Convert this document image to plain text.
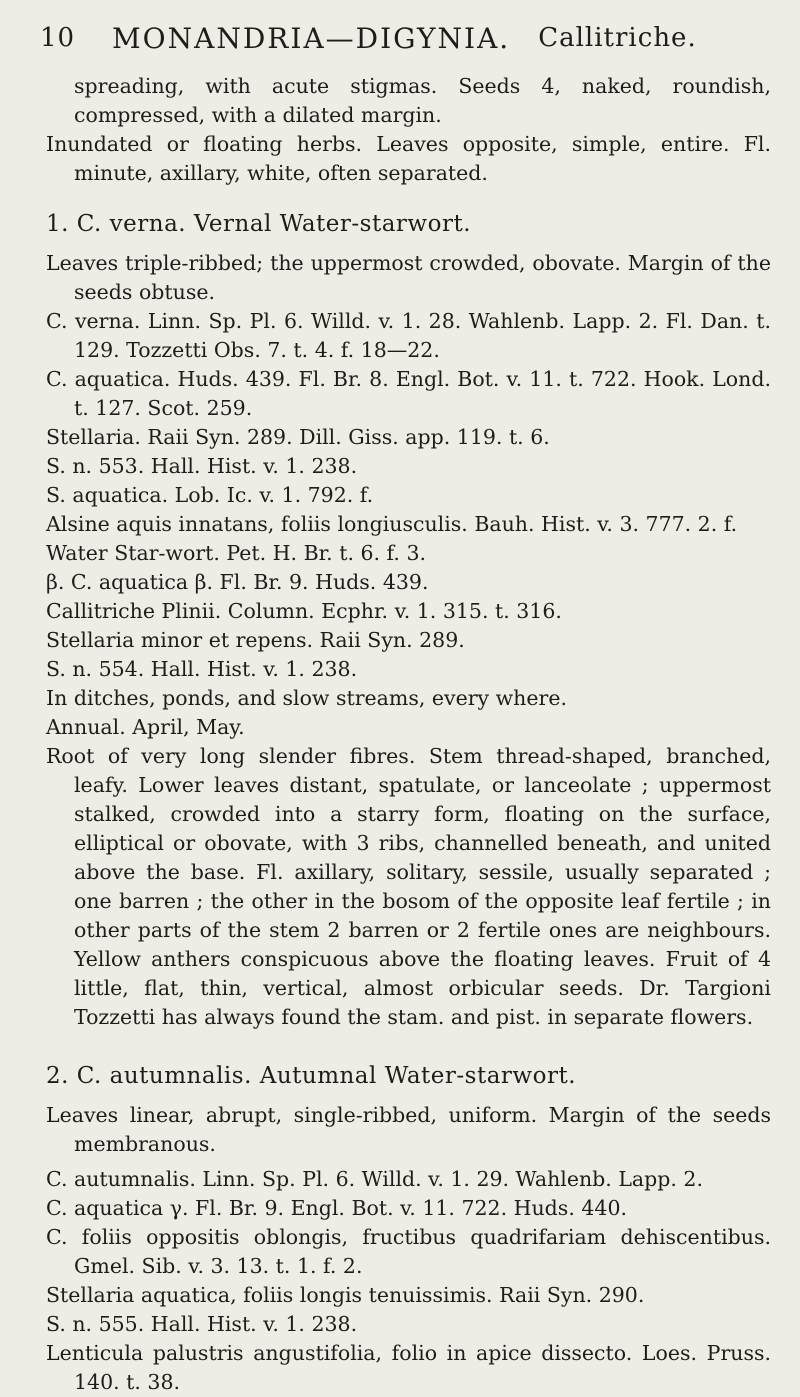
10	MONANDRIA—DIGYNIA. Callitriche.

spreading, with acute stigmas. Seeds 4, naked, roundish, compressed, with a dilated margin.

Inundated or floating herbs. Leaves opposite, simple, entire. Fl. minute, axillary, white, often separated.

1. C. verna. Vernal Water-starwort.

Leaves triple-ribbed; the uppermost crowded, obovate. Margin of the seeds obtuse.

C. verna. Linn. Sp. Pl. 6. Willd. v. 1. 28. Wahlenb. Lapp. 2. Fl. Dan. t. 129. Tozzetti Obs. 7. t. 4. f. 18—22.

C. aquatica. Huds. 439. Fl. Br. 8. Engl. Bot. v. 11. t. 722. Hook. Lond. t. 127. Scot. 259.

Stellaria. Raii Syn. 289. Dill. Giss. app. 119. t. 6.

S. n. 553. Hall. Hist. v. 1. 238.

S. aquatica. Lob. Ic. v. 1. 792. f.

Alsine aquis innatans, foliis longiusculis. Bauh. Hist. v. 3. 777. 2. f.

Water Star-wort. Pet. H. Br. t. 6. f. 3.

β. C. aquatica β. Fl. Br. 9. Huds. 439.

Callitriche Plinii. Column. Ecphr. v. 1. 315. t. 316.

Stellaria minor et repens. Raii Syn. 289.

S. n. 554. Hall. Hist. v. 1. 238.

In ditches, ponds, and slow streams, every where.

Annual. April, May.

Root of very long slender fibres. Stem thread-shaped, branched, leafy. Lower leaves distant, spatulate, or lanceolate ; uppermost stalked, crowded into a starry form, floating on the surface, elliptical or obovate, with 3 ribs, channelled beneath, and united above the base. Fl. axillary, solitary, sessile, usually separated ; one barren ; the other in the bosom of the opposite leaf fertile ; in other parts of the stem 2 barren or 2 fertile ones are neighbours. Yellow anthers conspicuous above the floating leaves. Fruit of 4 little, flat, thin, vertical, almost orbicular seeds. Dr. Targioni Tozzetti has always found the stam. and pist. in separate flowers.

2. C. autumnalis. Autumnal Water-starwort.

Leaves linear, abrupt, single-ribbed, uniform. Margin of the seeds membranous.

C. autumnalis. Linn. Sp. Pl. 6. Willd. v. 1. 29. Wahlenb. Lapp. 2.

C. aquatica γ. Fl. Br. 9. Engl. Bot. v. 11. 722. Huds. 440.

C. foliis oppositis oblongis, fructibus quadrifariam dehiscentibus. Gmel. Sib. v. 3. 13. t. 1. f. 2.

Stellaria aquatica, foliis longis tenuissimis. Raii Syn. 290.

S. n. 555. Hall. Hist. v. 1. 238.

Lenticula palustris angustifolia, folio in apice dissecto. Loes. Pruss. 140. t. 38.
